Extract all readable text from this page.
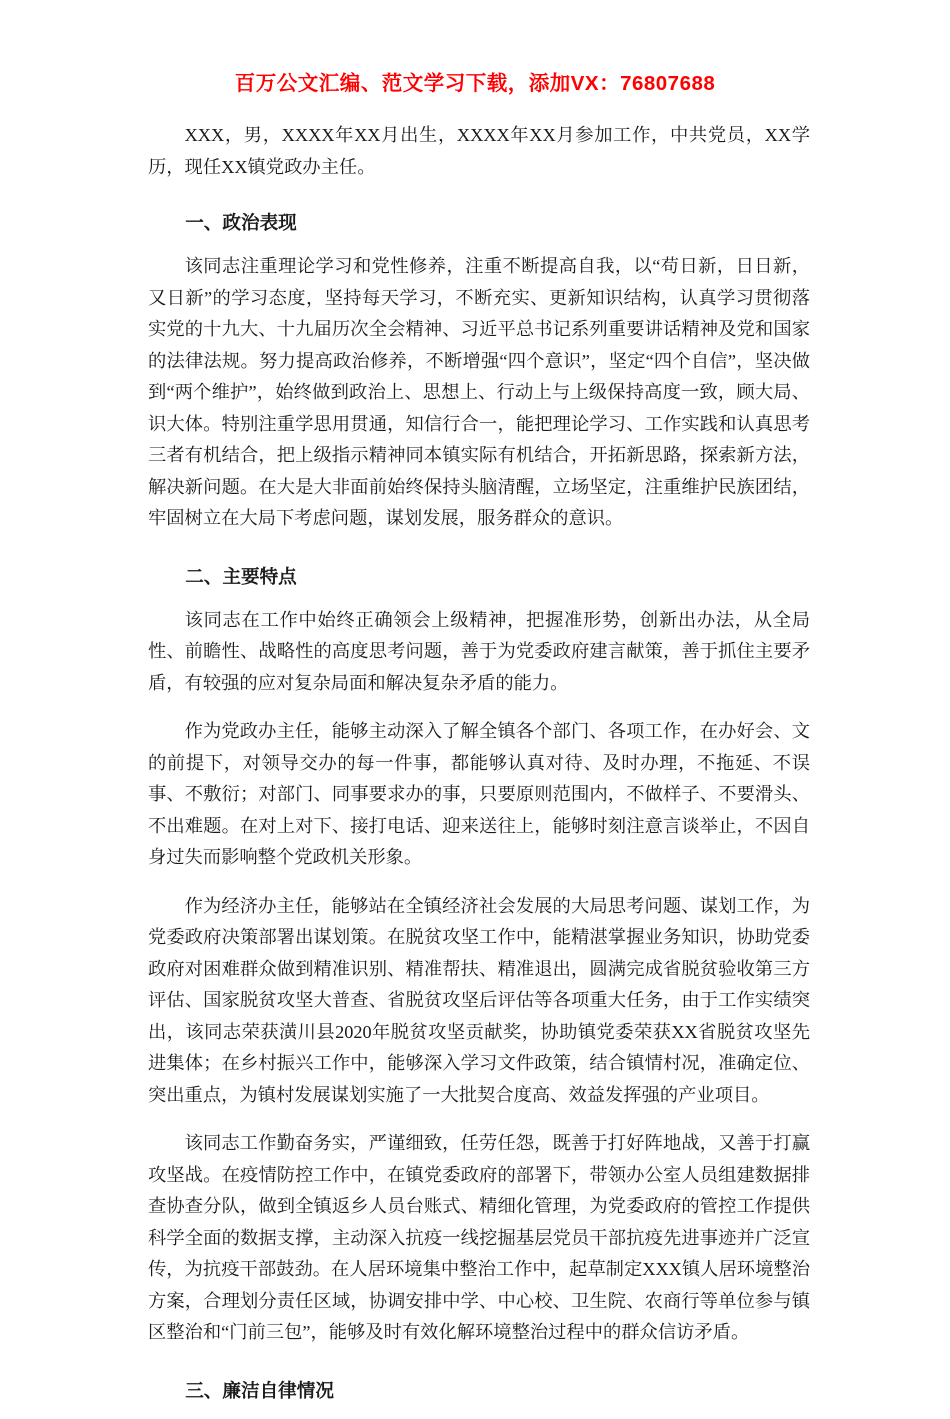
百万公文汇编、范文学习下载，添加VX：76807688

XXX，男，XXXX年XX月出生，XXXX年XX月参加工作，中共党员，XX学历，现任XX镇党政办主任。

一、政治表现

该同志注重理论学习和党性修养，注重不断提高自我，以“苟日新，日日新，又日新”的学习态度，坚持每天学习，不断充实、更新知识结构，认真学习贯彻落实党的十九大、十九届历次全会精神、习近平总书记系列重要讲话精神及党和国家的法律法规。努力提高政治修养，不断增强“四个意识”，坚定“四个自信”，坚决做到“两个维护”，始终做到政治上、思想上、行动上与上级保持高度一致，顾大局、识大体。特别注重学思用贯通，知信行合一，能把理论学习、工作实践和认真思考三者有机结合，把上级指示精神同本镇实际有机结合，开拓新思路，探索新方法，解决新问题。在大是大非面前始终保持头脑清醒，立场坚定，注重维护民族团结，牢固树立在大局下考虑问题，谋划发展，服务群众的意识。

二、主要特点

该同志在工作中始终正确领会上级精神，把握准形势，创新出办法，从全局性、前瞻性、战略性的高度思考问题，善于为党委政府建言献策，善于抓住主要矛盾，有较强的应对复杂局面和解决复杂矛盾的能力。

作为党政办主任，能够主动深入了解全镇各个部门、各项工作，在办好会、文的前提下，对领导交办的每一件事，都能够认真对待、及时办理，不拖延、不误事、不敷衍；对部门、同事要求办的事，只要原则范围内，不做样子、不要滑头、不出难题。在对上对下、接打电话、迎来送往上，能够时刻注意言谈举止，不因自身过失而影响整个党政机关形象。

作为经济办主任，能够站在全镇经济社会发展的大局思考问题、谋划工作，为党委政府决策部署出谋划策。在脱贫攻坚工作中，能精湛掌握业务知识，协助党委政府对困难群众做到精准识别、精准帮扶、精准退出，圆满完成省脱贫验收第三方评估、国家脱贫攻坚大普查、省脱贫攻坚后评估等各项重大任务，由于工作实绩突出，该同志荣获潢川县2020年脱贫攻坚贡献奖，协助镇党委荣获XX省脱贫攻坚先进集体；在乡村振兴工作中，能够深入学习文件政策，结合镇情村况，准确定位、突出重点，为镇村发展谋划实施了一大批契合度高、效益发挥强的产业项目。

该同志工作勤奋务实，严谨细致，任劳任怨，既善于打好阵地战，又善于打赢攻坚战。在疫情防控工作中，在镇党委政府的部署下，带领办公室人员组建数据排查协查分队，做到全镇返乡人员台账式、精细化管理，为党委政府的管控工作提供科学全面的数据支撑，主动深入抗疫一线挖掘基层党员干部抗疫先进事迹并广泛宣传，为抗疫干部鼓劲。在人居环境集中整治工作中，起草制定XXX镇人居环境整治方案，合理划分责任区域，协调安排中学、中心校、卫生院、农商行等单位参与镇区整治和“门前三包”，能够及时有效化解环境整治过程中的群众信访矛盾。

三、廉洁自律情况
